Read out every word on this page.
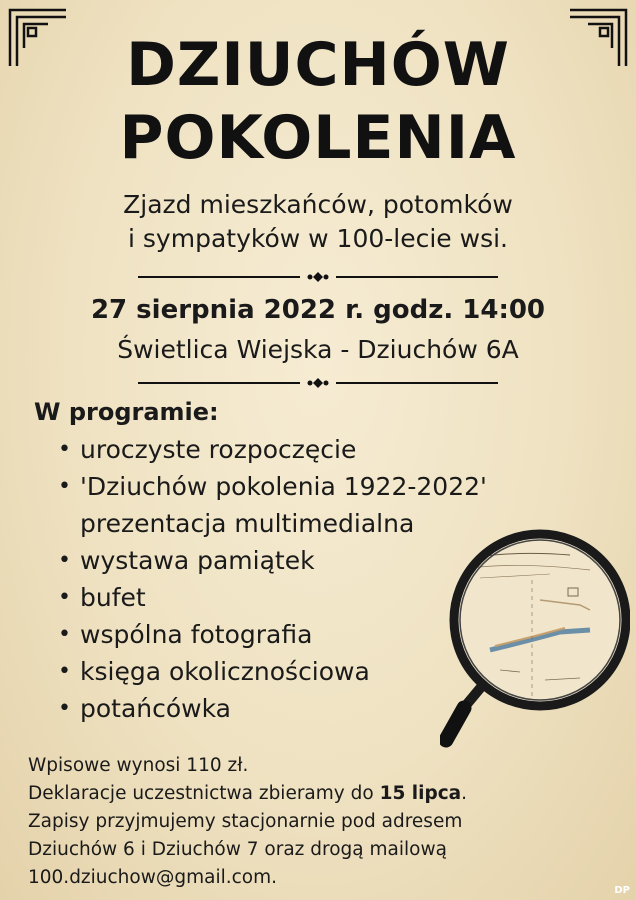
DZIUCHÓW
POKOLENIA
Zjazd mieszkańców, potomków
i sympatyków w 100-lecie wsi.
27 sierpnia 2022 r. godz. 14:00
Świetlica Wiejska - Dziuchów 6A
W programie:
• uroczyste rozpoczęcie
• 'Dziuchów pokolenia 1922-2022'
prezentacja multimedialna
• wystawa pamiątek
• bufet
• wspólna fotografia
• księga okolicznościowa
• potańcówka
Wpisowe wynosi 110 zł.
Deklaracje uczestnictwa zbieramy do 15 lipca.
Zapisy przyjmujemy stacjonarnie pod adresem
Dziuchów 6 i Dziuchów 7 oraz drogą mailową
100.dziuchow@gmail.com.
DP
